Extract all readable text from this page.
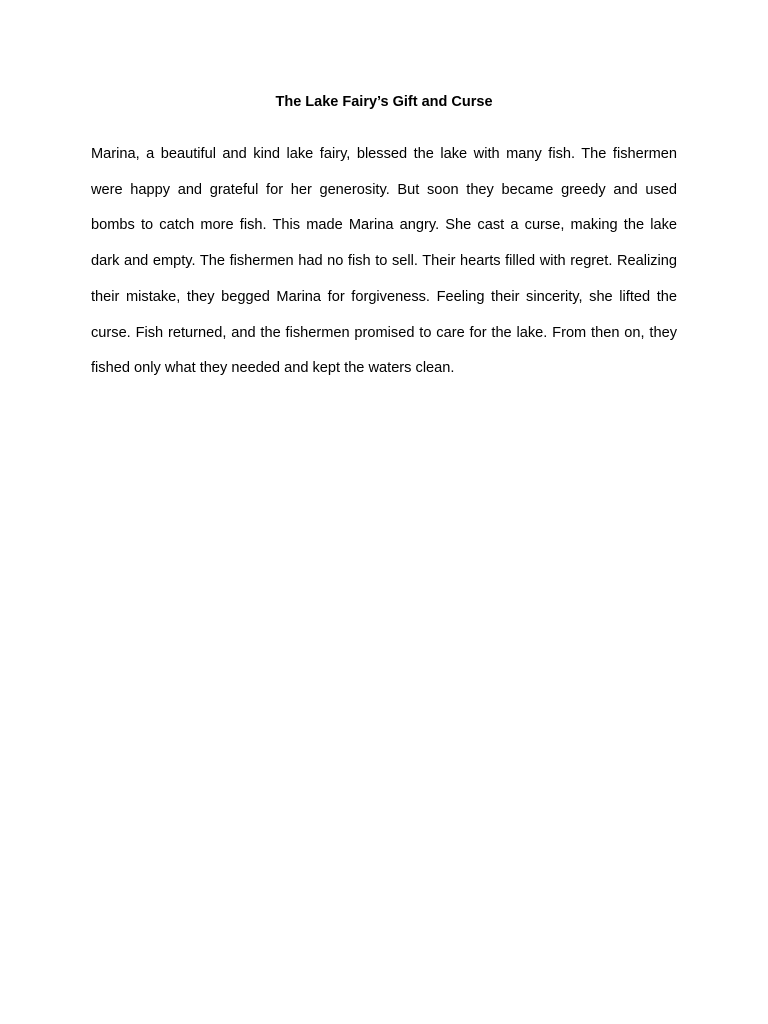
The Lake Fairy’s Gift and Curse

Marina, a beautiful and kind lake fairy, blessed the lake with many fish. The fishermen were happy and grateful for her generosity. But soon they became greedy and used bombs to catch more fish. This made Marina angry. She cast a curse, making the lake dark and empty. The fishermen had no fish to sell. Their hearts filled with regret. Realizing their mistake, they begged Marina for forgiveness. Feeling their sincerity, she lifted the curse. Fish returned, and the fishermen promised to care for the lake. From then on, they fished only what they needed and kept the waters clean.
